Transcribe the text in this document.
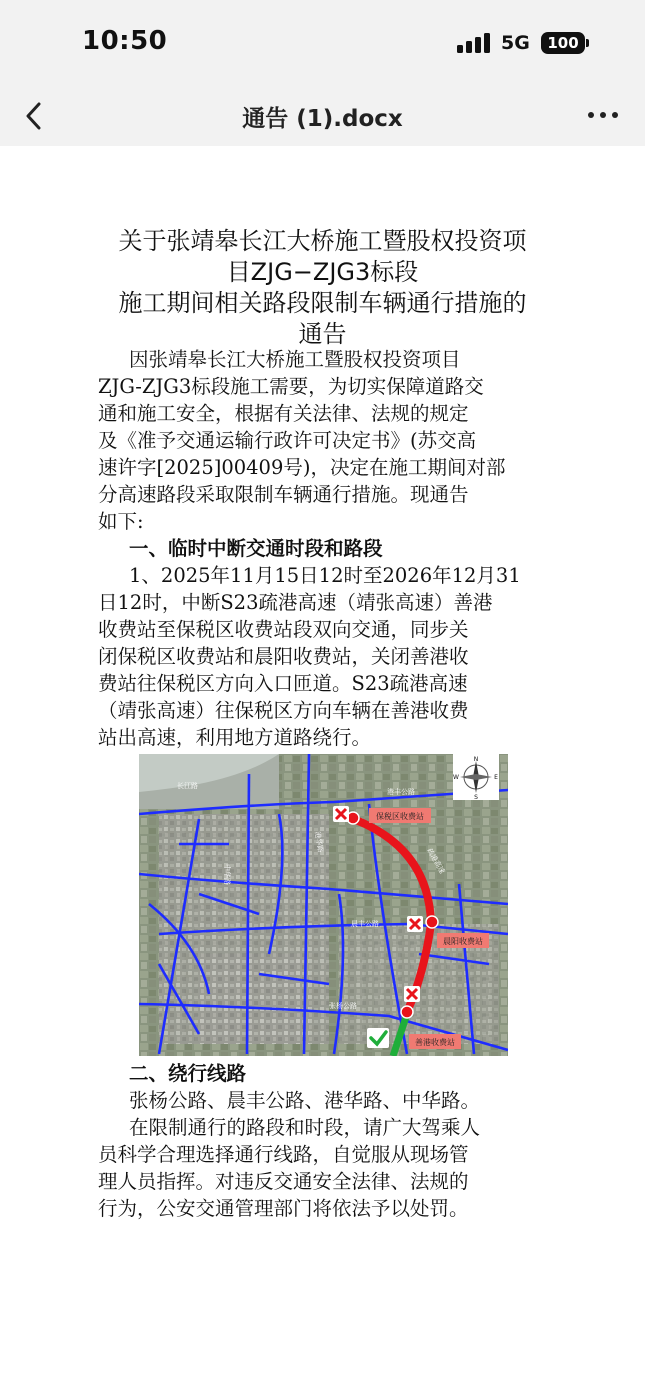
10:50	5G	100
通告 (1).docx
关于张靖皋长江大桥施工暨股权投资项
目ZJG−ZJG3标段
施工期间相关路段限制车辆通行措施的
通告
因张靖皋长江大桥施工暨股权投资项目
ZJG-ZJG3标段施工需要，为切实保障道路交
通和施工安全，根据有关法律、法规的规定
及《准予交通运输行政许可决定书》(苏交高
速许字[2025]00409号)，决定在施工期间对部
分高速路段采取限制车辆通行措施。现通告
如下:
一、临时中断交通时段和路段
1、2025年11月15日12时至2026年12月31
日12时，中断S23疏港高速（靖张高速）善港
收费站至保税区收费站段双向交通，同步关
闭保税区收费站和晨阳收费站，关闭善港收
费站往保税区方向入口匝道。S23疏港高速
（靖张高速）往保税区方向车辆在善港收费
站出高速，利用地方道路绕行。
二、绕行线路
张杨公路、晨丰公路、港华路、中华路。
在限制通行的路段和时段，请广大驾乘人
员科学合理选择通行线路，自觉服从现场管
理人员指挥。对违反交通安全法律、法规的
行为，公安交通管理部门将依法予以处罚。
保税区收费站
晨阳收费站
善港收费站
港丰公路
晨丰公路
张杨公路
长江路
中华路
港华路
疏港高速
N
S
E
W
